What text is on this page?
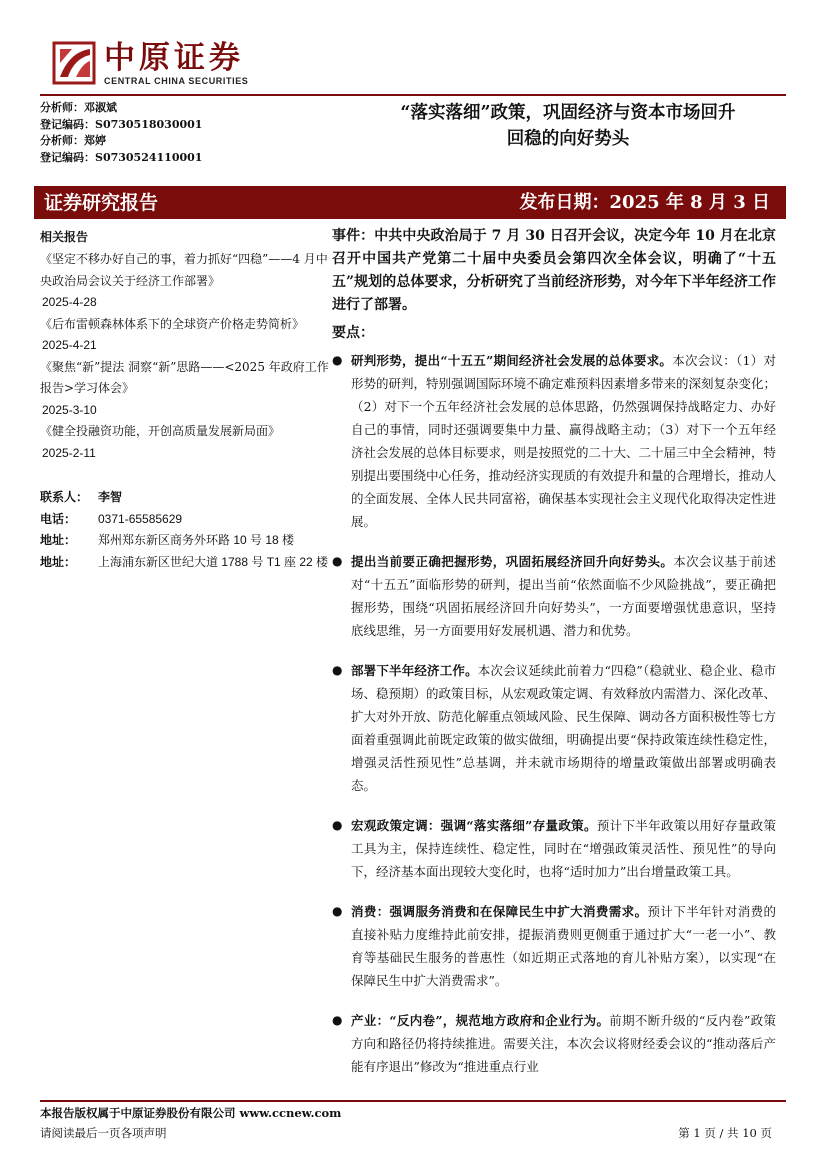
中原证券
CENTRAL CHINA SECURITIES
分析师：邓淑斌
登记编码：S0730518030001
分析师：郑婷
登记编码：S0730524110001
“落实落细”政策，巩固经济与资本市场回升
回稳的向好势头
证券研究报告	发布日期：2025 年 8 月 3 日
相关报告
《坚定不移办好自己的事，着力抓好“四稳”——4 月中央政治局会议关于经济工作部署》
2025-4-28
《后布雷顿森林体系下的全球资产价格走势简析》
2025-4-21
《聚焦“新”提法 洞察“新”思路——<2025 年政府工作报告>学习体会》
2025-3-10
《健全投融资功能，开创高质量发展新局面》
2025-2-11
联系人： 李智
电话：	0371-65585629
地址：	郑州郑东新区商务外环路 10 号 18 楼
地址：	上海浦东新区世纪大道 1788 号 T1 座 22 楼
事件：中共中央政治局于 7 月 30 日召开会议，决定今年 10 月在北京召开中国共产党第二十届中央委员会第四次全体会议，明确了“十五五”规划的总体要求，分析研究了当前经济形势，对今年下半年经济工作进行了部署。
要点：
● 研判形势，提出“十五五”期间经济社会发展的总体要求。本次会议：（1）对形势的研判，特别强调国际环境不确定难预料因素增多带来的深刻复杂变化；（2）对下一个五年经济社会发展的总体思路，仍然强调保持战略定力、办好自己的事情，同时还强调要集中力量、赢得战略主动；（3）对下一个五年经济社会发展的总体目标要求，则是按照党的二十大、二十届三中全会精神，特别提出要围绕中心任务，推动经济实现质的有效提升和量的合理增长，推动人的全面发展、全体人民共同富裕，确保基本实现社会主义现代化取得决定性进展。
● 提出当前要正确把握形势，巩固拓展经济回升向好势头。本次会议基于前述对“十五五”面临形势的研判，提出当前“依然面临不少风险挑战”，要正确把握形势，围绕“巩固拓展经济回升向好势头”，一方面要增强忧患意识，坚持底线思维，另一方面要用好发展机遇、潜力和优势。
● 部署下半年经济工作。本次会议延续此前着力“四稳”（稳就业、稳企业、稳市场、稳预期）的政策目标，从宏观政策定调、有效释放内需潜力、深化改革、扩大对外开放、防范化解重点领域风险、民生保障、调动各方面积极性等七方面着重强调此前既定政策的做实做细，明确提出要“保持政策连续性稳定性，增强灵活性预见性”总基调，并未就市场期待的增量政策做出部署或明确表态。
● 宏观政策定调：强调“落实落细”存量政策。预计下半年政策以用好存量政策工具为主，保持连续性、稳定性，同时在“增强政策灵活性、预见性”的导向下，经济基本面出现较大变化时，也将“适时加力”出台增量政策工具。
● 消费：强调服务消费和在保障民生中扩大消费需求。预计下半年针对消费的直接补贴力度维持此前安排，提振消费则更侧重于通过扩大“一老一小”、教育等基础民生服务的普惠性（如近期正式落地的育儿补贴方案），以实现“在保障民生中扩大消费需求”。
● 产业：“反内卷”，规范地方政府和企业行为。前期不断升级的“反内卷”政策方向和路径仍将持续推进。需要关注，本次会议将财经委会议的“推动落后产能有序退出”修改为“推进重点行业
本报告版权属于中原证券股份有限公司 www.ccnew.com
请阅读最后一页各项声明	第 1 页 / 共 10 页
